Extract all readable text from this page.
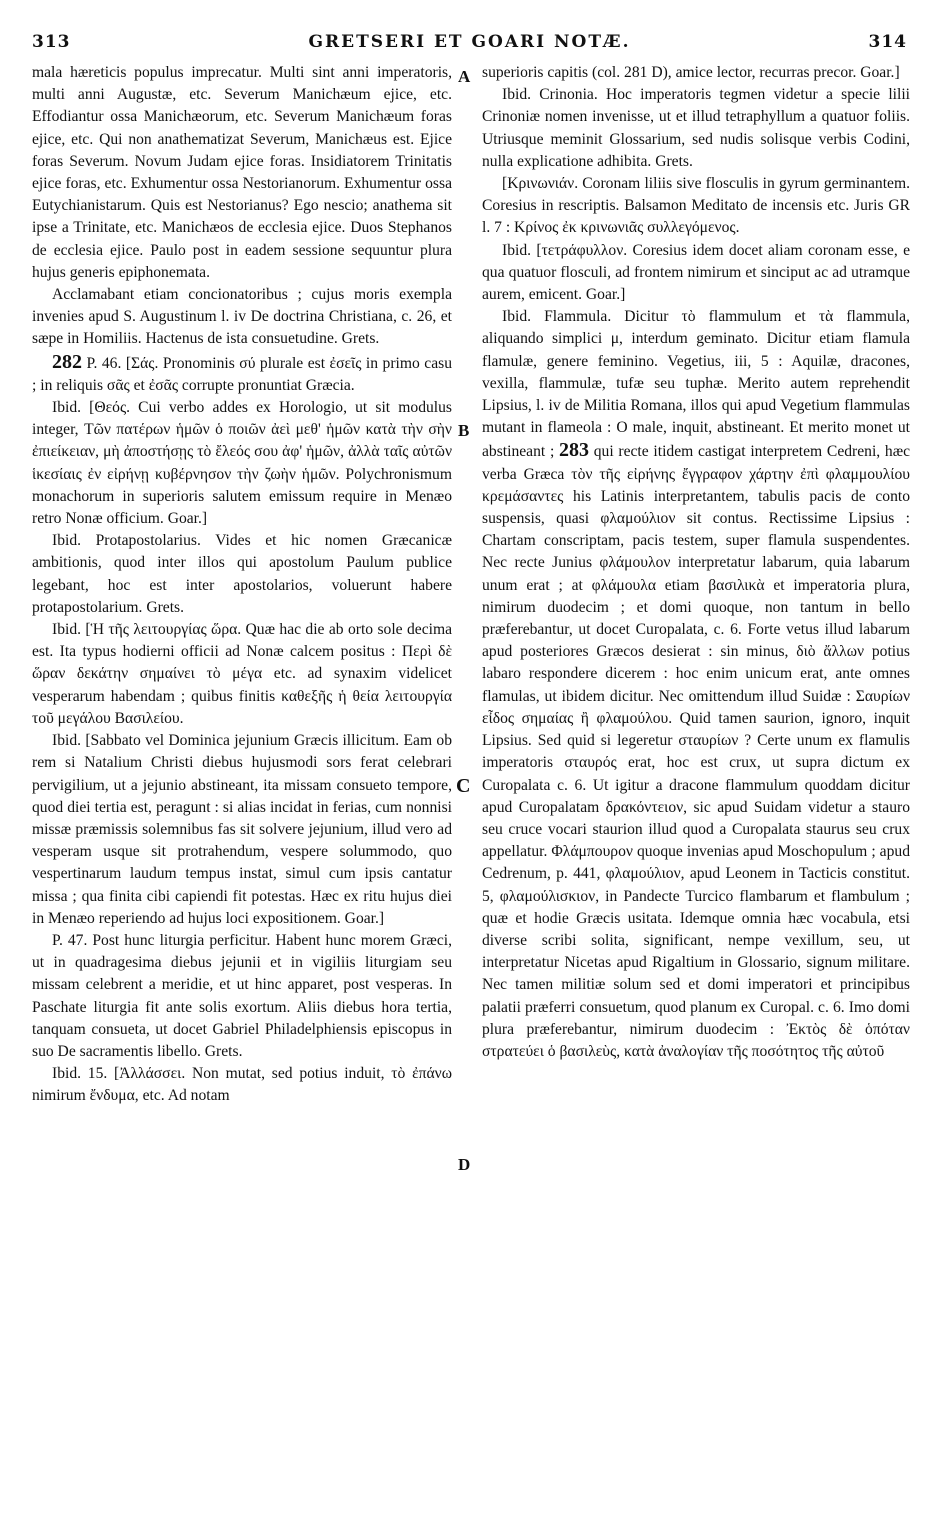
313	GRETSERI ET GOARI NOTÆ.	314

mala hæreticis populus imprecatur. Multi sint anni imperatoris, multi anni Augustæ, etc. Severum Manichæum ejice, etc. Effodiantur ossa Manichæorum, etc. Severum Manichæum foras ejice, etc. Qui non anathematizat Severum, Manichæus est. Ejice foras Severum. Novum Judam ejice foras. Insidiatorem Trinitatis ejice foras, etc. Exhumentur ossa Nestorianorum. Exhumentur ossa Eutychianistarum. Quis est Nestorianus? Ego nescio; anathema sit ipse a Trinitate, etc. Manichæos de ecclesia ejice. Duos Stephanos de ecclesia ejice. Paulo post in eadem sessione sequuntur plura hujus generis epiphonemata.

Acclamabant etiam concionatoribus ; cujus moris exempla invenies apud S. Augustinum l. iv De doctrina Christiana, c. 26, et sæpe in Homiliis. Hactenus de ista consuetudine. Grets.

282 P. 46. [Σάς. Pronominis σύ plurale est ἐσεῖς in primo casu ; in reliquis σᾶς et ἐσᾶς corrupte pronuntiat Græcia.

Ibid. [Θεός. Cui verbo addes ex Horologio, ut sit modulus integer, Τῶν πατέρων ἡμῶν ὁ ποιῶν ἀεὶ μεθ' ἡμῶν κατὰ τὴν σὴν ἐπιείκειαν, μὴ ἀποστήσῃς τὸ ἔλεός σου ἀφ' ἡμῶν, ἀλλὰ ταῖς αὐτῶν ἱκεσίαις ἐν εἰρήνῃ κυβέρνησον τὴν ζωὴν ἡμῶν. Polychronismum monachorum in superioris salutem emissum require in Menæo retro Nonæ officium. Goar.]

Ibid. Protapostolarius. Vides et hic nomen Græcanicæ ambitionis, quod inter illos qui apostolum Paulum publice legebant, hoc est inter apostolarios, voluerunt habere protapostolarium. Grets.

Ibid. [Ἡ τῆς λειτουργίας ὥρα. Quæ hac die ab orto sole decima est. Ita typus hodierni officii ad Nonæ calcem positus : Περὶ δὲ ὥραν δεκάτην σημαίνει τὸ μέγα etc. ad synaxim videlicet vesperarum habendam ; quibus finitis καθεξῆς ἡ θεία λειτουργία τοῦ μεγάλου Βασιλείου.

Ibid. [Sabbato vel Dominica jejunium Græcis illicitum. Eam ob rem si Natalium Christi diebus hujusmodi sors ferat celebrari pervigilium, ut a jejunio abstineant, ita missam consueto tempore, quod diei tertia est, peragunt : si alias incidat in ferias, cum nonnisi missæ præmissis solemnibus fas sit solvere jejunium, illud vero ad vesperam usque sit protrahendum, vespere solummodo, quo vespertinarum laudum tempus instat, simul cum ipsis cantatur missa ; qua finita cibi capiendi fit potestas. Hæc ex ritu hujus diei in Menæo reperiendo ad hujus loci expositionem. Goar.]

P. 47. Post hunc liturgia perficitur. Habent hunc morem Græci, ut in quadragesima diebus jejunii et in vigiliis liturgiam seu missam celebrent a meridie, et ut hinc apparet, post vesperas. In Paschate liturgia fit ante solis exortum. Aliis diebus hora tertia, tanquam consueta, ut docet Gabriel Philadelphiensis episcopus in suo De sacramentis libello. Grets.

Ibid. 15. [Ἀλλάσσει. Non mutat, sed potius induit, τὸ ἐπάνω nimirum ἔνδυμα, etc. Ad notam

A
B
C
D

superioris capitis (col. 281 D), amice lector, recurras precor. Goar.]

Ibid. Crinonia. Hoc imperatoris tegmen videtur a specie lilii Crinoniæ nomen invenisse, ut et illud tetraphyllum a quatuor foliis. Utriusque meminit Glossarium, sed nudis solisque verbis Codini, nulla explicatione adhibita. Grets.

[Κρινωνιάν. Coronam liliis sive flosculis in gyrum germinantem. Coresius in rescriptis. Balsamon Meditato de incensis etc. Juris GR l. 7 : Κρίνος ἐκ κρινωνιᾶς συλλεγόμενος.

Ibid. [τετράφυλλον. Coresius idem docet aliam coronam esse, e qua quatuor flosculi, ad frontem nimirum et sinciput ac ad utramque aurem, emicent. Goar.]

Ibid. Flammula. Dicitur τὸ flammulum et τὰ flammula, aliquando simplici μ, interdum geminato. Dicitur etiam flamula flamulæ, genere feminino. Vegetius, iii, 5 : Aquilæ, dracones, vexilla, flammulæ, tufæ seu tuphæ. Merito autem reprehendit Lipsius, l. iv de Militia Romana, illos qui apud Vegetium flammulas mutant in flameola : O male, inquit, abstineant. Et merito monet ut abstineant ; 283 qui recte itidem castigat interpretem Cedreni, hæc verba Græca τὸν τῆς εἰρήνης ἔγγραφον χάρτην ἐπὶ φλαμμουλίου κρεμάσαντες his Latinis interpretantem, tabulis pacis de conto suspensis, quasi φλαμούλιον sit contus. Rectissime Lipsius : Chartam conscriptam, pacis testem, super flamula suspendentes. Nec recte Junius φλάμουλον interpretatur labarum, quia labarum unum erat ; at φλάμουλα etiam βασιλικὰ et imperatoria plura, nimirum duodecim ; et domi quoque, non tantum in bello præferebantur, ut docet Curopalata, c. 6. Forte vetus illud labarum apud posteriores Græcos desierat : sin minus, διὸ ἄλλων potius labaro respondere dicerem : hoc enim unicum erat, ante omnes flamulas, ut ibidem dicitur. Nec omittendum illud Suidæ : Σαυρίων εἶδος σημαίας ἢ φλαμούλου. Quid tamen saurion, ignoro, inquit Lipsius. Sed quid si legeretur σταυρίων ? Certe unum ex flamulis imperatoris σταυρός erat, hoc est crux, ut supra dictum ex Curopalata c. 6. Ut igitur a dracone flammulum quoddam dicitur apud Curopalatam δρακόντειον, sic apud Suidam videtur a stauro seu cruce vocari staurion illud quod a Curopalata staurus seu crux appellatur. Φλάμπουρον quoque invenias apud Moschopulum ; apud Cedrenum, p. 441, φλαμούλιον, apud Leonem in Tacticis constitut. 5, φλαμούλισκιον, in Pandecte Turcico flambarum et flambulum ; quæ et hodie Græcis usitata. Idemque omnia hæc vocabula, etsi diverse scribi solita, significant, nempe vexillum, seu, ut interpretatur Nicetas apud Rigaltium in Glossario, signum militare. Nec tamen militiæ solum sed et domi imperatori et principibus palatii præferri consuetum, quod planum ex Curopal. c. 6. Imo domi plura præferebantur, nimirum duodecim : Ἐκτὸς δὲ ὁπόταν στρατεύει ὁ βασιλεὺς, κατὰ ἀναλογίαν τῆς ποσότητος τῆς αὐτοῦ
